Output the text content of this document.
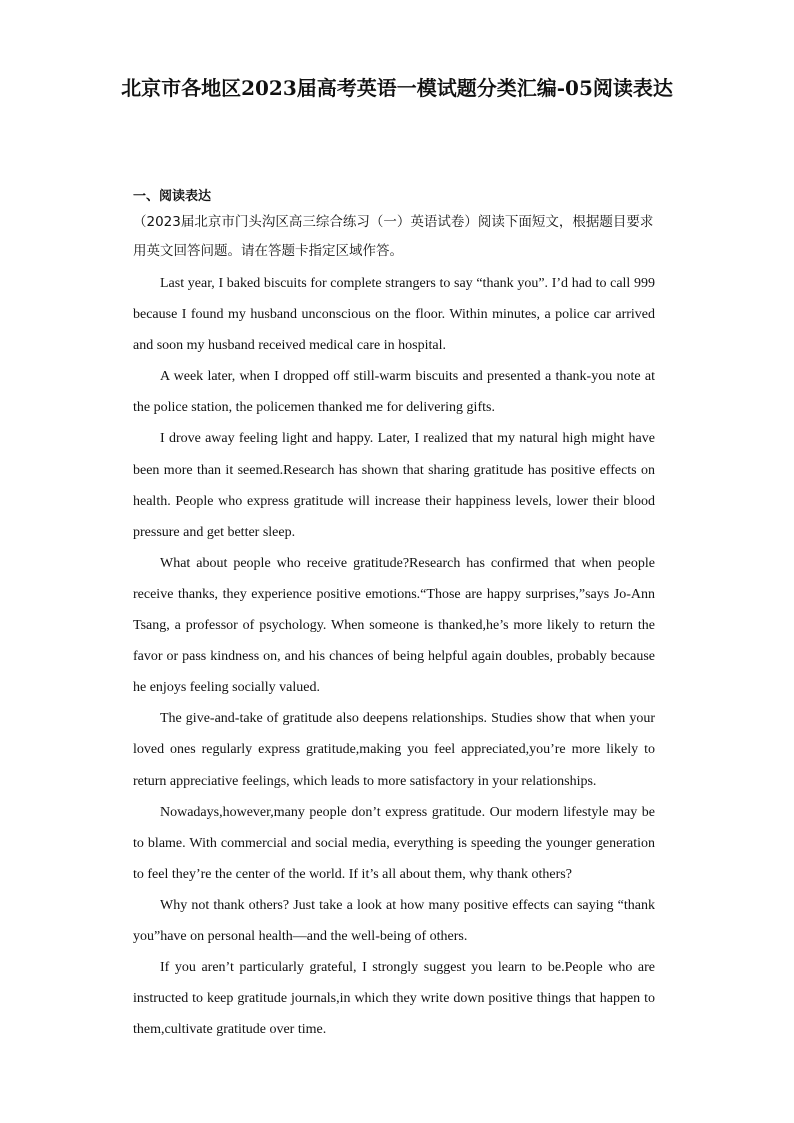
北京市各地区2023届高考英语一模试题分类汇编-05阅读表达
一、阅读表达
（2023届北京市门头沟区高三综合练习（一）英语试卷）阅读下面短文，根据题目要求用英文回答问题。请在答题卡指定区域作答。

Last year, I baked biscuits for complete strangers to say “thank you”. I’d had to call 999 because I found my husband unconscious on the floor. Within minutes, a police car arrived and soon my husband received medical care in hospital.

A week later, when I dropped off still-warm biscuits and presented a thank-you note at the police station, the policemen thanked me for delivering gifts.

I drove away feeling light and happy. Later, I realized that my natural high might have been more than it seemed.Research has shown that sharing gratitude has positive effects on health. People who express gratitude will increase their happiness levels, lower their blood pressure and get better sleep.

What about people who receive gratitude?Research has confirmed that when people receive thanks, they experience positive emotions.“Those are happy surprises,”says Jo-Ann Tsang, a professor of psychology. When someone is thanked,he’s more likely to return the favor or pass kindness on, and his chances of being helpful again doubles, probably because he enjoys feeling socially valued.

The give-and-take of gratitude also deepens relationships. Studies show that when your loved ones regularly express gratitude,making you feel appreciated,you’re more likely to return appreciative feelings, which leads to more satisfactory in your relationships.

Nowadays,however,many people don’t express gratitude. Our modern lifestyle may be to blame. With commercial and social media, everything is speeding the younger generation to feel they’re the center of the world. If it’s all about them, why thank others?

Why not thank others? Just take a look at how many positive effects can saying “thank you”have on personal health—and the well-being of others.

If you aren’t particularly grateful, I strongly suggest you learn to be.People who are instructed to keep gratitude journals,in which they write down positive things that happen to them,cultivate gratitude over time.
